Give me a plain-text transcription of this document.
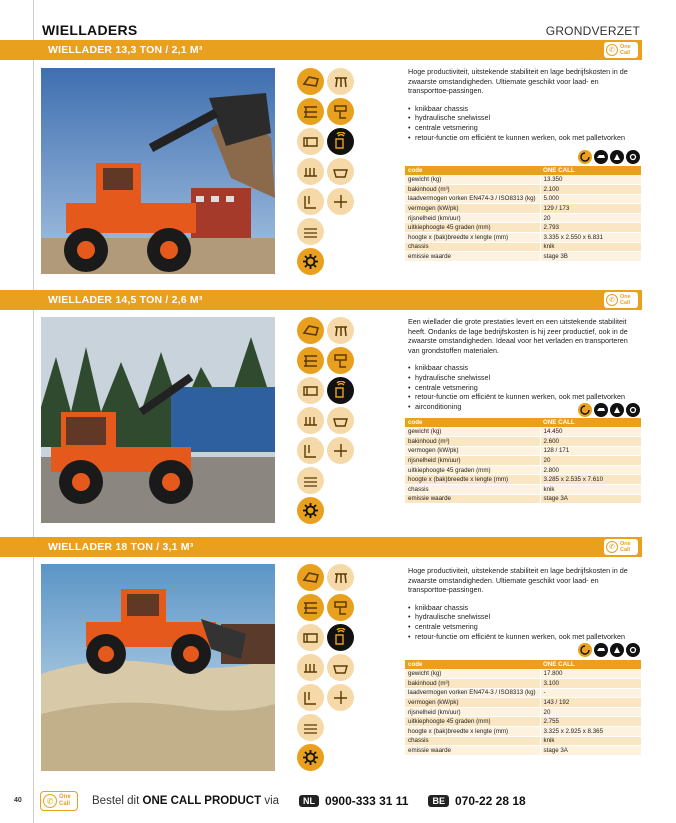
WIELLADERS	GRONDVERZET
WIELLADER 13,3 TON / 2,1 M³	✆ One
Call

Hoge productiviteit, uitstekende stabiliteit en lage bedrijfskosten in de zwaarste omstandigheden. Ultiemate geschikt voor laad- en transporttoe-passingen.

• knikbaar chassis
• hydraulische snelwissel
• centrale vetsmering
• retour-functie om efficiënt te kunnen werken, ook met palletvorken
code	ONE CALL
gewicht (kg)	13.350
bakinhoud (m³)	2.100
laadvermogen vorken EN474-3 / ISO8313 (kg)	5.000
vermogen (kW/pk)	129 / 173
rijsnelheid (km/uur)	20
uitkiephoogte 45 graden (mm)	2.793
hoogte x (bak)breedte x lengte (mm)	3.335 x 2.550 x 6.831
chassis	knik
emissie waarde	stage 3B
WIELLADER 14,5 TON / 2,6 M³	✆ One
Call

Een wiellader die grote prestaties levert en een uitstekende stabiliteit heeft. Ondanks de lage bedrijfskosten is hij zeer productief, ook in de zwaarste omstandigheden. Ideaal voor het verladen en transporteren van grondstoffen materialen.

• knikbaar chassis
• hydraulische snelwissel
• centrale vetsmering
• retour-functie om efficiënt te kunnen werken, ook met palletvorken
• airconditioning
code	ONE CALL
gewicht (kg)	14.450
bakinhoud (m³)	2.600
vermogen (kW/pk)	128 / 171
rijsnelheid (km/uur)	20
uitkiephoogte 45 graden (mm)	2.800
hoogte x (bak)breedte x lengte (mm)	3.285 x 2.535 x 7.610
chassis	knik
emissie waarde	stage 3A
WIELLADER 18 TON / 3,1 M³	✆ One
Call

Hoge productiviteit, uitstekende stabiliteit en lage bedrijfskosten in de zwaarste omstandigheden. Ultiemate geschikt voor laad- en transporttoe-passingen.

• knikbaar chassis
• hydraulische snelwissel
• centrale vetsmering
• retour-functie om efficiënt te kunnen werken, ook met palletvorken
code	ONE CALL
gewicht (kg)	17.800
bakinhoud (m³)	3.100
laadvermogen vorken EN474-3 / ISO8313 (kg)	-
vermogen (kW/pk)	143 / 192
rijsnelheid (km/uur)	20
uitkiephoogte 45 graden (mm)	2.755
hoogte x (bak)breedte x lengte (mm)	3.325 x 2.925 x 8.365
chassis	knik
emissie waarde	stage 3A
40	✆ One
Call Bestel dit ONE CALL PRODUCT via	NL 0900-333 31 11	BE 070-22 28 18
